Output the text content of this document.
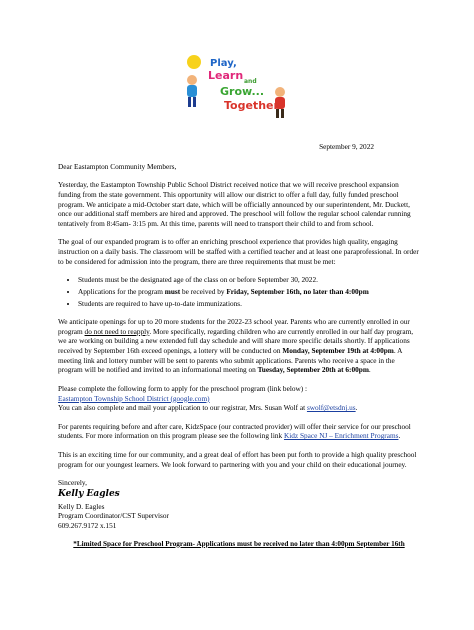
Play,
Learn and
Grow...
Together!

September 9, 2022

Dear Eastampton Community Members,

Yesterday, the Eastampton Township Public School District received notice that we will receive preschool expansion funding from the state government. This opportunity will allow our district to offer a full day, fully funded preschool program. We anticipate a mid-October start date, which will be officially announced by our superintendent, Mr. Duckett, once our additional staff members are hired and approved. The preschool will follow the regular school calendar running tentatively from 8:45am- 3:15 pm. At this time, parents will need to transport their child to and from school.

The goal of our expanded program is to offer an enriching preschool experience that provides high quality, engaging instruction on a daily basis. The classroom will be staffed with a certified teacher and at least one paraprofessional. In order to be considered for admission into the program, there are three requirements that must be met:

• Students must be the designated age of the class on or before September 30, 2022.
• Applications for the program must be received by Friday, September 16th, no later than 4:00pm
• Students are required to have up-to-date immunizations.

We anticipate openings for up to 20 more students for the 2022-23 school year. Parents who are currently enrolled in our program do not need to reapply. More specifically, regarding children who are currently enrolled in our half day program, we are working on building a new extended full day schedule and will share more specific details shortly. If applications received by September 16th exceed openings, a lottery will be conducted on Monday, September 19th at 4:00pm. A meeting link and lottery number will be sent to parents who submit applications. Parents who receive a space in the program will be notified and invited to an informational meeting on Tuesday, September 20th at 6:00pm.

Please complete the following form to apply for the preschool program (link below) :
Eastampton Township School District (google.com)
You can also complete and mail your application to our registrar, Mrs. Susan Wolf at swolf@etsdnj.us.

For parents requiring before and after care, KidzSpace (our contracted provider) will offer their service for our preschool students. For more information on this program please see the following link Kidz Space NJ – Enrichment Programs.

This is an exciting time for our community, and a great deal of effort has been put forth to provide a high quality preschool program for our youngest learners. We look forward to partnering with you and your child on their educational journey.

Sincerely,
Kelly Eagles
Kelly D. Eagles
Program Coordinator/CST Supervisor
609.267.9172 x.151

*Limited Space for Preschool Program- Applications must be received no later than 4:00pm September 16th
